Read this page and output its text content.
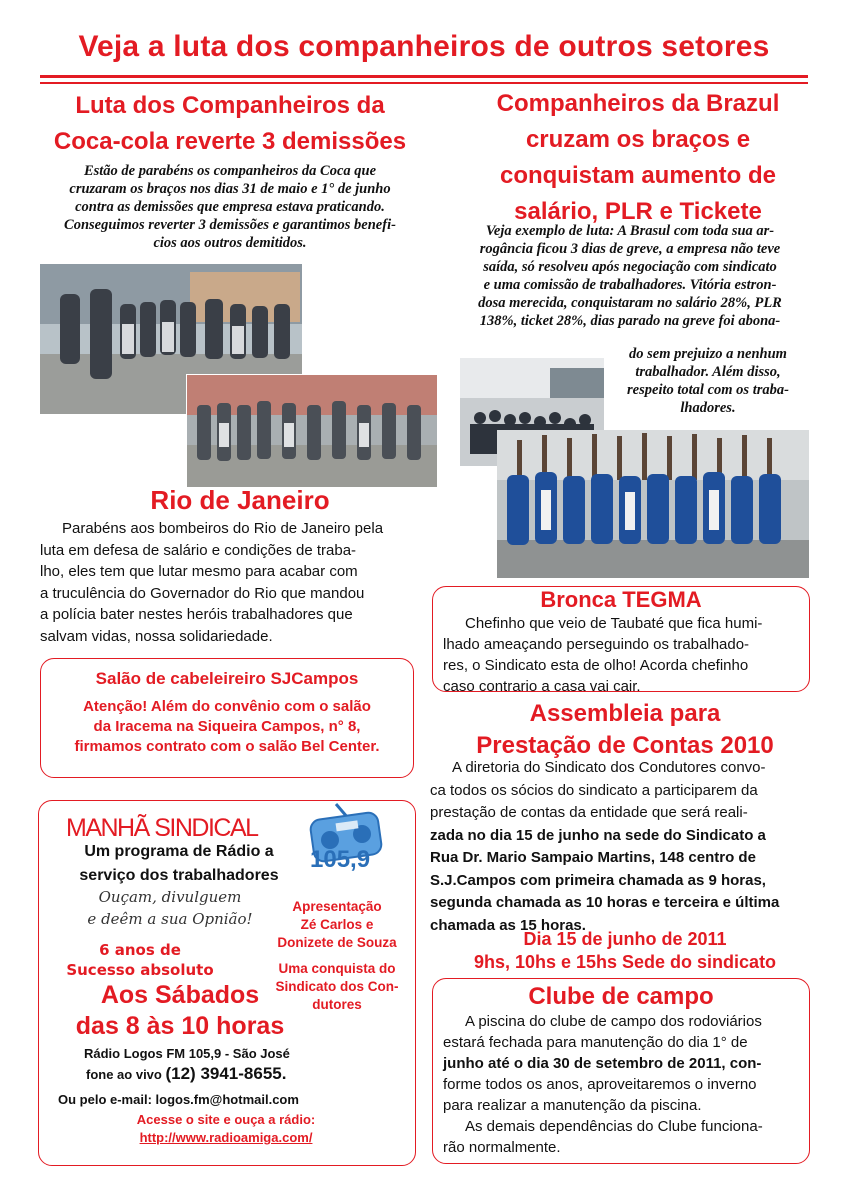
Veja a luta dos companheiros de outros setores
Luta dos Companheiros da
Coca-cola reverte 3 demissões
Estão de parabéns os companheiros da Coca que
cruzaram os braços nos dias 31 de maio e 1° de junho
contra as demissões que empresa estava praticando.
Conseguimos reverter 3 demissões e garantimos benefi-
cios aos outros demitidos.
Companheiros da Brazul
cruzam os braços e
conquistam aumento de
salário, PLR e Tickete
Veja exemplo de luta: A Brasul com toda sua ar-
rogância ficou 3 dias de greve, a empresa não teve
saída, só resolveu após negociação com sindicato
e uma comissão de trabalhadores. Vitória estron-
dosa merecida, conquistaram no salário 28%, PLR
138%, ticket 28%, dias parado na greve foi abona-
do sem prejuizo a nenhum
trabalhador. Além disso,
respeito total com os traba-
lhadores.
Rio de Janeiro
Parabéns aos bombeiros do Rio de Janeiro pela
luta em defesa de salário e condições de traba-
lho, eles tem que lutar mesmo para acabar com
a truculência do Governador do Rio que mandou
a polícia bater nestes heróis trabalhadores que
salvam vidas, nossa solidariedade.
Bronca TEGMA
Chefinho que veio de Taubaté que fica humi-
lhado ameaçando perseguindo os trabalhado-
res, o Sindicato esta de olho! Acorda chefinho
caso contrario a casa vai cair.
Salão de cabeleireiro SJCampos
Atenção! Além do convênio com o salão
da Iracema na Siqueira Campos, n° 8,
firmamos contrato com o salão Bel Center.
Assembleia para
Prestação de Contas 2010
A diretoria do Sindicato dos Condutores convo-
ca todos os sócios do sindicato a participarem da
prestação de contas da entidade que será reali-
zada no dia 15 de junho na sede do Sindicato a
Rua Dr. Mario Sampaio Martins, 148 centro de
S.J.Campos com primeira chamada as 9 horas,
segunda chamada as 10 horas e terceira e última
chamada as 15 horas.
Dia 15 de junho de 2011
9hs, 10hs e 15hs Sede do sindicato
MANHÃ SINDICAL
105,9
Um programa de Rádio a
serviço dos trabalhadores
Ouçam, divulguem
e deêm a sua Opnião!
Apresentação
Zé Carlos e
Donizete de Souza
6 anos de
Sucesso absoluto	Uma conquista do
Sindicato dos Con-
dutores
Aos Sábados
das 8 às 10 horas
Rádio Logos FM 105,9 - São José
fone ao vivo (12) 3941-8655.
Ou pelo e-mail: logos.fm@hotmail.com
Acesse o site e ouça a rádio:
http://www.radioamiga.com/
Clube de campo
A piscina do clube de campo dos rodoviários
estará fechada para manutenção do dia 1° de
junho até o dia 30 de setembro de 2011, con-
forme todos os anos, aproveitaremos o inverno
para realizar a manutenção da piscina.
As demais dependências do Clube funciona-
rão normalmente.
